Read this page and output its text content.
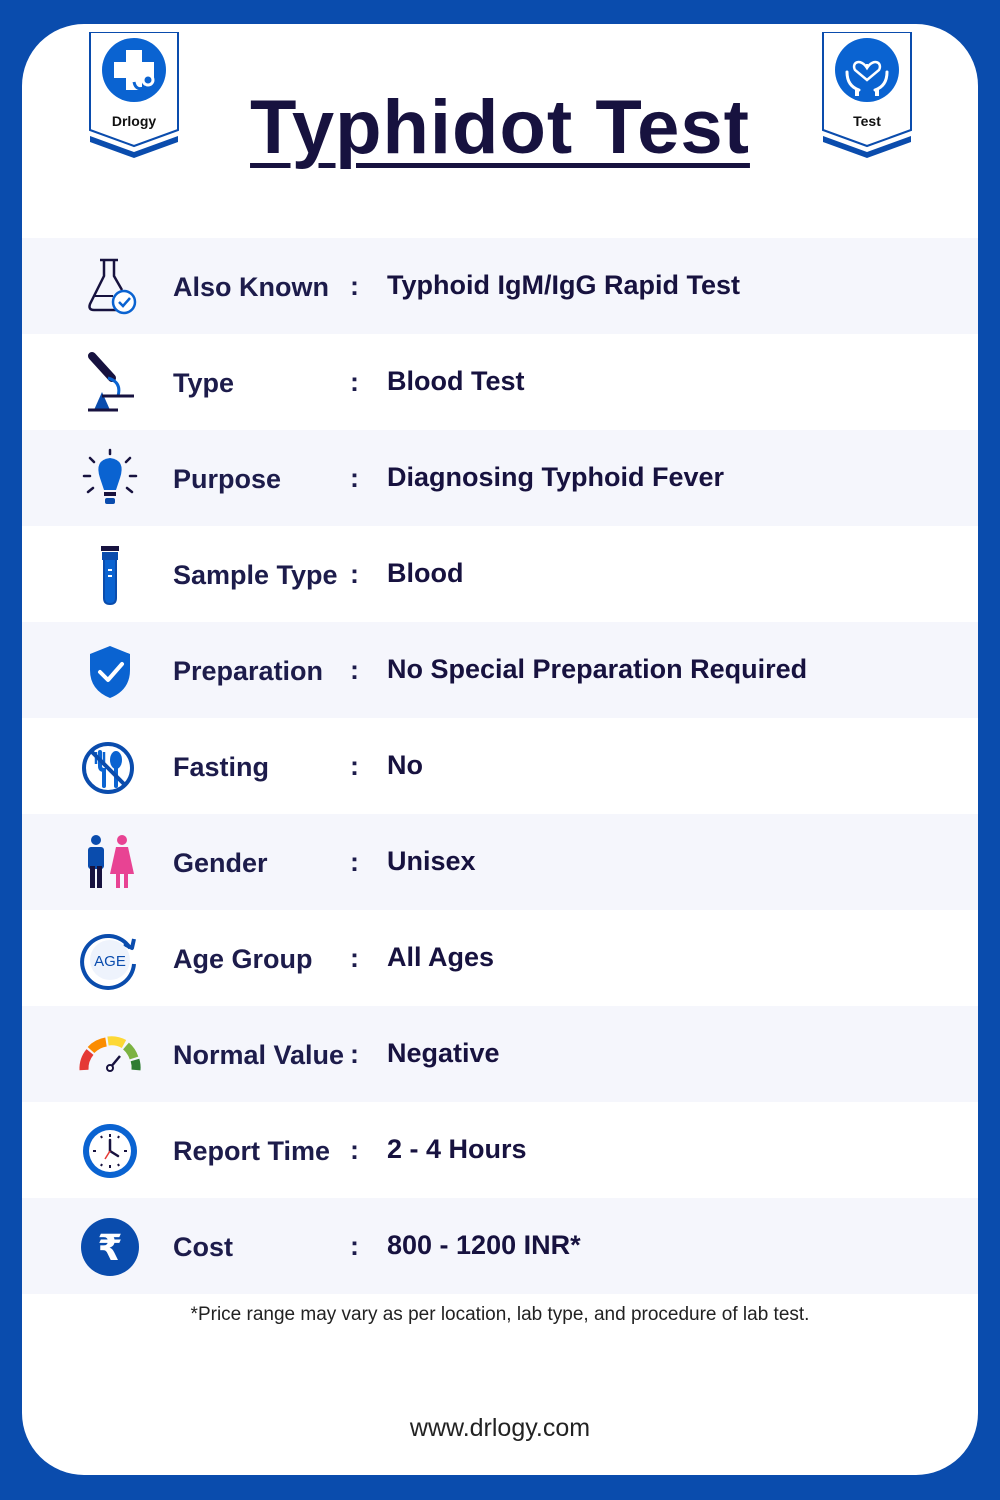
Drlogy	Typhidot Test	Test
Also Known : Typhoid IgM/IgG Rapid Test
Type	: Blood Test
Purpose	: Diagnosing Typhoid Fever
Sample Type : Blood
Preparation : No Special Preparation Required
Fasting	: No
Gender	: Unisex
AGE Age Group : All Ages
Normal Value : Negative
Report Time : 2 - 4 Hours
₹ Cost	: 800 - 1200 INR*
*Price range may vary as per location, lab type, and procedure of lab test.
www.drlogy.com
